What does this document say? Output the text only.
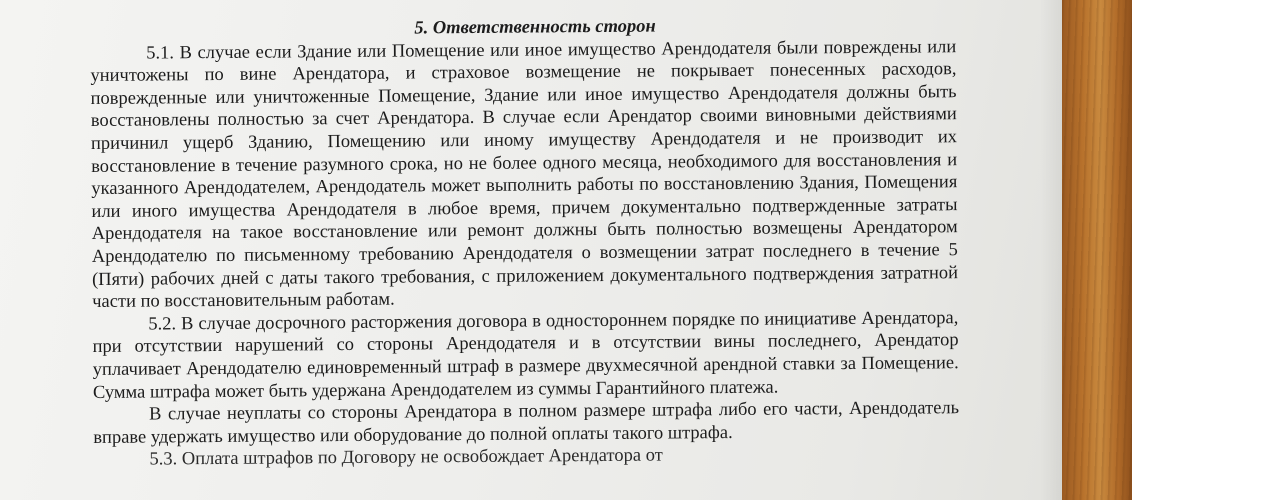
5. Ответственность сторон

5.1. В случае если Здание или Помещение или иное имущество Арендодателя были повреждены или уничтожены по вине Арендатора, и страховое возмещение не покрывает понесенных расходов, поврежденные или уничтоженные Помещение, Здание или иное имущество Арендодателя должны быть восстановлены полностью за счет Арендатора. В случае если Арендатор своими виновными действиями причинил ущерб Зданию, Помещению или иному имуществу Арендодателя и не производит их восстановление в течение разумного срока, но не более одного месяца, необходимого для восстановления и указанного Арендодателем, Арендодатель может выполнить работы по восстановлению Здания, Помещения или иного имущества Арендодателя в любое время, причем документально подтвержденные затраты Арендодателя на такое восстановление или ремонт должны быть полностью возмещены Арендатором Арендодателю по письменному требованию Арендодателя о возмещении затрат последнего в течение 5 (Пяти) рабочих дней с даты такого требования, с приложением документального подтверждения затратной части по восстановительным работам.

5.2. В случае досрочного расторжения договора в одностороннем порядке по инициативе Арендатора, при отсутствии нарушений со стороны Арендодателя и в отсутствии вины последнего, Арендатор уплачивает Арендодателю единовременный штраф в размере двухмесячной арендной ставки за Помещение. Сумма штрафа может быть удержана Арендодателем из суммы Гарантийного платежа.

В случае неуплаты со стороны Арендатора в полном размере штрафа либо его части, Арендодатель вправе удержать имущество или оборудование до полной оплаты такого штрафа.

5.3. Оплата штрафов по Договору не освобождает Арендатора от
